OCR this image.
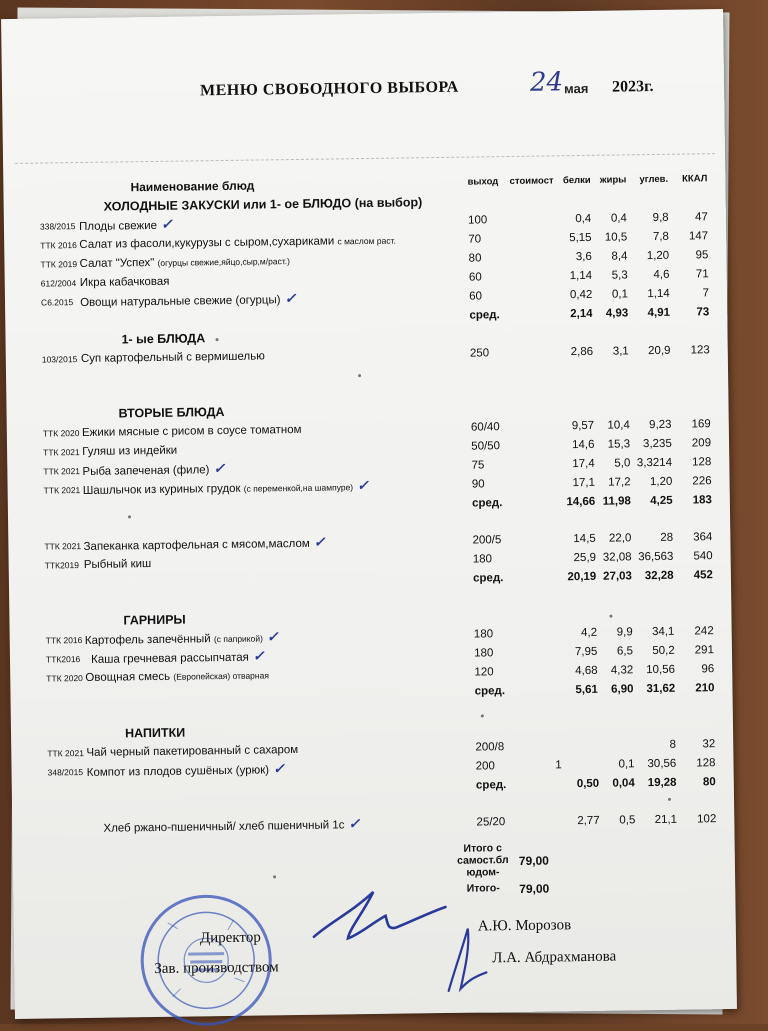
МЕНЮ СВОБОДНОГО ВЫБОРА	24 мая 2023г.
	Наименование блюд	выход	стоимост	белки	жиры	углев.	ККАЛ
ХОЛОДНЫЕ ЗАКУСКИ или 1- ое БЛЮДО (на выбор)							
338/2015	Плоды свежие ✓	100		0,4	0,4	9,8	47
ТТК 2016	Салат из фасоли,кукурузы с сыром,сухариками с маслом раст.	70		5,15	10,5	7,8	147
ТТК 2019	Салат "Успех" (огурцы свежие,яйцо,сыр,м/раст.)	80		3,6	8,4	1,20	95
612/2004	Икра кабачковая	60		1,14	5,3	4,6	71
С6.2015	Овощи натуральные свежие (огурцы) ✓	60		0,42	0,1	1,14	7
		сред.		2,14	4,93	4,91	73
1- ые БЛЮДА							
103/2015	Суп картофельный с вермишелью	250		2,86	3,1	20,9	123

ВТОРЫЕ БЛЮДА							
ТТК 2020	Ежики мясные с рисом в соусе томатном	60/40		9,57	10,4	9,23	169
ТТК 2021	Гуляш из индейки	50/50		14,6	15,3	3,235	209
ТТК 2021	Рыба запеченая (филе) ✓	75		17,4	5,0	3,3214	128
ТТК 2021	Шашлычок из куриных грудок (с переменкой,на шампуре) ✓	90		17,1	17,2	1,20	226
		сред.		14,66	11,98	4,25	183

ТТК 2021	Запеканка картофельная с мясом,маслом ✓	200/5		14,5	22,0	28	364
ТТК2019	Рыбный киш	180		25,9	32,08	36,563	540
		сред.		20,19	27,03	32,28	452

ГАРНИРЫ							
ТТК 2016	Картофель запечённый (с паприкой) ✓	180		4,2	9,9	34,1	242
ТТК2016	Каша гречневая рассыпчатая ✓	180		7,95	6,5	50,2	291
ТТК 2020	Овощная смесь (Европейская) отварная	120		4,68	4,32	10,56	96
		сред.		5,61	6,90	31,62	210

НАПИТКИ							
ТТК 2021	Чай черный пакетированный с сахаром	200/8				8	32
348/2015	Компот из плодов сушёных (урюк) ✓	200	1		0,1	30,56	128
		сред.		0,50	0,04	19,28	80

	Хлеб ржано-пшеничный/ хлеб пшеничный 1с ✓	25/20		2,77	0,5	21,1	102
Итого с
самост.бл
юдом-
79,00
Итого-	79,00
Директор
Зав. производством
А.Ю. Морозов
Л.А. Абдрахманова
